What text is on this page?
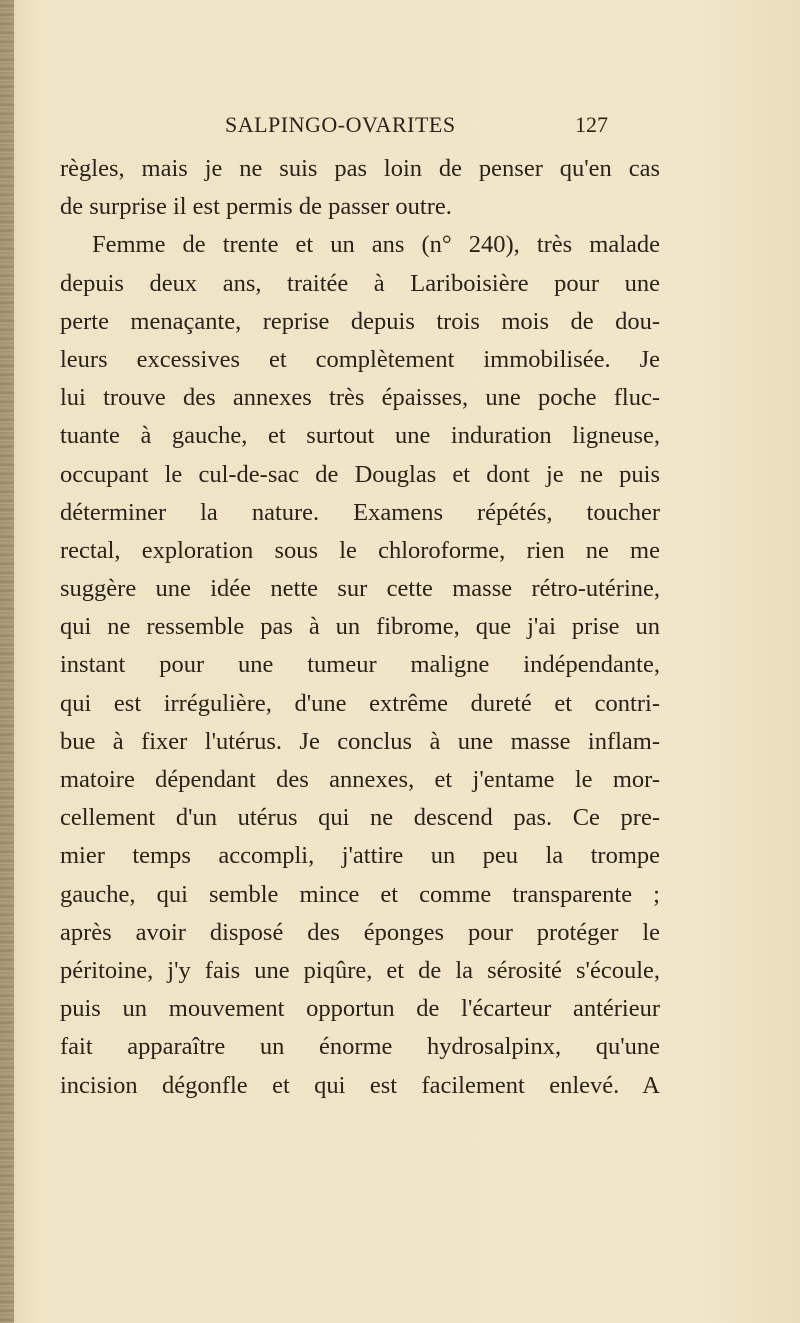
SALPINGO-OVARITES	127
règles, mais je ne suis pas loin de penser qu'en cas
de surprise il est permis de passer outre.
Femme de trente et un ans (n° 240), très malade
depuis deux ans, traitée à Lariboisière pour une
perte menaçante, reprise depuis trois mois de dou-
leurs excessives et complètement immobilisée. Je
lui trouve des annexes très épaisses, une poche fluc-
tuante à gauche, et surtout une induration ligneuse,
occupant le cul-de-sac de Douglas et dont je ne puis
déterminer la nature. Examens répétés, toucher
rectal, exploration sous le chloroforme, rien ne me
suggère une idée nette sur cette masse rétro-utérine,
qui ne ressemble pas à un fibrome, que j'ai prise un
instant pour une tumeur maligne indépendante,
qui est irrégulière, d'une extrême dureté et contri-
bue à fixer l'utérus. Je conclus à une masse inflam-
matoire dépendant des annexes, et j'entame le mor-
cellement d'un utérus qui ne descend pas. Ce pre-
mier temps accompli, j'attire un peu la trompe
gauche, qui semble mince et comme transparente ;
après avoir disposé des éponges pour protéger le
péritoine, j'y fais une piqûre, et de la sérosité s'écoule,
puis un mouvement opportun de l'écarteur antérieur
fait apparaître un énorme hydrosalpinx, qu'une
incision dégonfle et qui est facilement enlevé. A
